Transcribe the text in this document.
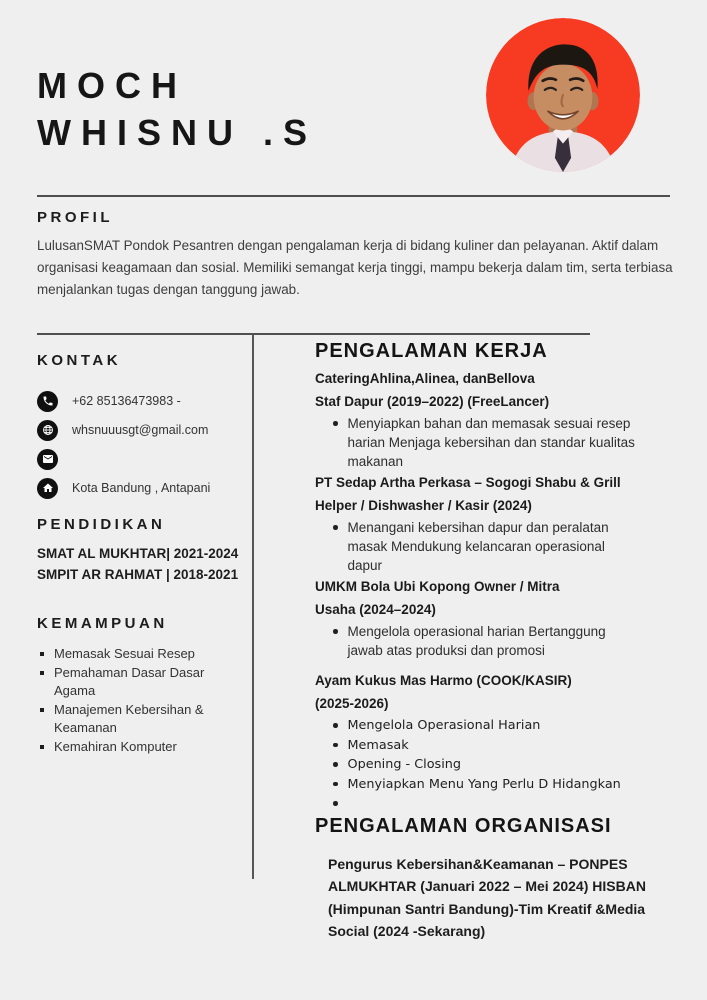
MOCH
WHISNU .S
PROFIL

LulusanSMAT Pondok Pesantren dengan pengalaman kerja di bidang kuliner dan pelayanan. Aktif dalam organisasi keagamaan dan sosial. Memiliki semangat kerja tinggi, mampu bekerja dalam tim, serta terbiasa menjalankan tugas dengan tanggung jawab.

KONTAK
+62 85136473983 -
whsnuuusgt@gmail.com
Kota Bandung , Antapani
PENDIDIKAN
SMAT AL MUKHTAR| 2021-2024
SMPIT AR RAHMAT | 2018-2021
KEMAMPUAN
Memasak Sesuai Resep
Pemahaman Dasar Dasar Agama
Manajemen Kebersihan & Keamanan
Kemahiran Komputer
PENGALAMAN KERJA
CateringAhlina,Alinea, danBellova
Staf Dapur (2019–2022) (FreeLancer)
Menyiapkan bahan dan memasak sesuai resep harian Menjaga kebersihan dan standar kualitas makanan
PT Sedap Artha Perkasa – Sogogi Shabu & Grill
Helper / Dishwasher / Kasir (2024)
Menangani kebersihan dapur dan peralatan masak Mendukung kelancaran operasional dapur
UMKM Bola Ubi Kopong Owner / Mitra
Usaha (2024–2024)
Mengelola operasional harian Bertanggung jawab atas produksi dan promosi
Ayam Kukus Mas Harmo (COOK/KASIR)
(2025-2026)
Mengelola Operasional Harian
Memasak
Opening - Closing
Menyiapkan Menu Yang Perlu D Hidangkan
PENGALAMAN ORGANISASI

Pengurus Kebersihan&Keamanan – PONPES ALMUKHTAR (Januari 2022 – Mei 2024) HISBAN (Himpunan Santri Bandung)-Tim Kreatif &Media Social (2024 -Sekarang)
